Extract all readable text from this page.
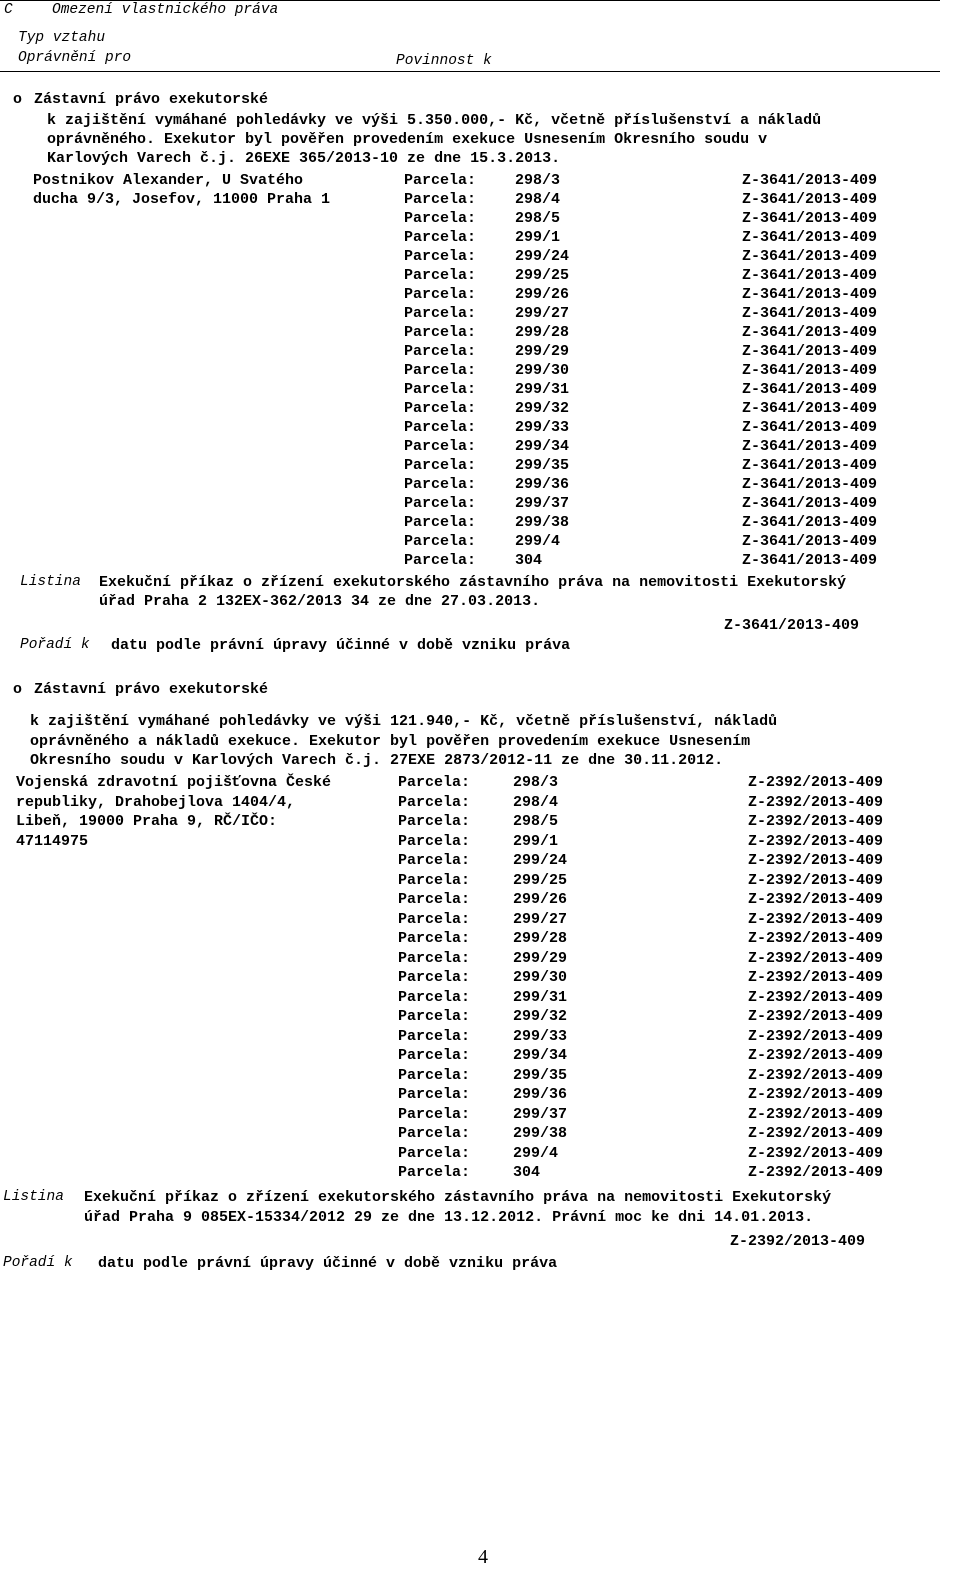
C	Omezení vlastnického práva
Typ vztahu
Oprávnění pro	Povinnost k
o Zástavní právo exekutorské
k zajištění vymáhané pohledávky ve výši 5.350.000,- Kč, včetně příslušenství a nákladů
oprávněného. Exekutor byl pověřen provedením exekuce Usnesením Okresního soudu v
Karlových Varech č.j. 26EXE 365/2013-10 ze dne 15.3.2013.
Postnikov Alexander, U Svatého
ducha 9/3, Josefov, 11000 Praha 1
Parcela:	298/3	Z-3641/2013-409
Parcela:	298/4	Z-3641/2013-409
Parcela:	298/5	Z-3641/2013-409
Parcela:	299/1	Z-3641/2013-409
Parcela:	299/24	Z-3641/2013-409
Parcela:	299/25	Z-3641/2013-409
Parcela:	299/26	Z-3641/2013-409
Parcela:	299/27	Z-3641/2013-409
Parcela:	299/28	Z-3641/2013-409
Parcela:	299/29	Z-3641/2013-409
Parcela:	299/30	Z-3641/2013-409
Parcela:	299/31	Z-3641/2013-409
Parcela:	299/32	Z-3641/2013-409
Parcela:	299/33	Z-3641/2013-409
Parcela:	299/34	Z-3641/2013-409
Parcela:	299/35	Z-3641/2013-409
Parcela:	299/36	Z-3641/2013-409
Parcela:	299/37	Z-3641/2013-409
Parcela:	299/38	Z-3641/2013-409
Parcela:	299/4	Z-3641/2013-409
Parcela:	304	Z-3641/2013-409
Listina Exekuční příkaz o zřízení exekutorského zástavního práva na nemovitosti Exekutorský
úřad Praha 2 132EX-362/2013 34 ze dne 27.03.2013.
Z-3641/2013-409
Pořadí k datu podle právní úpravy účinné v době vzniku práva
o Zástavní právo exekutorské
k zajištění vymáhané pohledávky ve výši 121.940,- Kč, včetně příslušenství, nákladů
oprávněného a nákladů exekuce. Exekutor byl pověřen provedením exekuce Usnesením
Okresního soudu v Karlových Varech č.j. 27EXE 2873/2012-11 ze dne 30.11.2012.
Vojenská zdravotní pojišťovna České
republiky, Drahobejlova 1404/4,
Libeň, 19000 Praha 9, RČ/IČO:
47114975
Parcela:	298/3	Z-2392/2013-409
Parcela:	298/4	Z-2392/2013-409
Parcela:	298/5	Z-2392/2013-409
Parcela:	299/1	Z-2392/2013-409
Parcela:	299/24	Z-2392/2013-409
Parcela:	299/25	Z-2392/2013-409
Parcela:	299/26	Z-2392/2013-409
Parcela:	299/27	Z-2392/2013-409
Parcela:	299/28	Z-2392/2013-409
Parcela:	299/29	Z-2392/2013-409
Parcela:	299/30	Z-2392/2013-409
Parcela:	299/31	Z-2392/2013-409
Parcela:	299/32	Z-2392/2013-409
Parcela:	299/33	Z-2392/2013-409
Parcela:	299/34	Z-2392/2013-409
Parcela:	299/35	Z-2392/2013-409
Parcela:	299/36	Z-2392/2013-409
Parcela:	299/37	Z-2392/2013-409
Parcela:	299/38	Z-2392/2013-409
Parcela:	299/4	Z-2392/2013-409
Parcela:	304	Z-2392/2013-409
Listina Exekuční příkaz o zřízení exekutorského zástavního práva na nemovitosti Exekutorský
úřad Praha 9 085EX-15334/2012 29 ze dne 13.12.2012. Právní moc ke dni 14.01.2013.
Z-2392/2013-409
Pořadí k datu podle právní úpravy účinné v době vzniku práva
4
